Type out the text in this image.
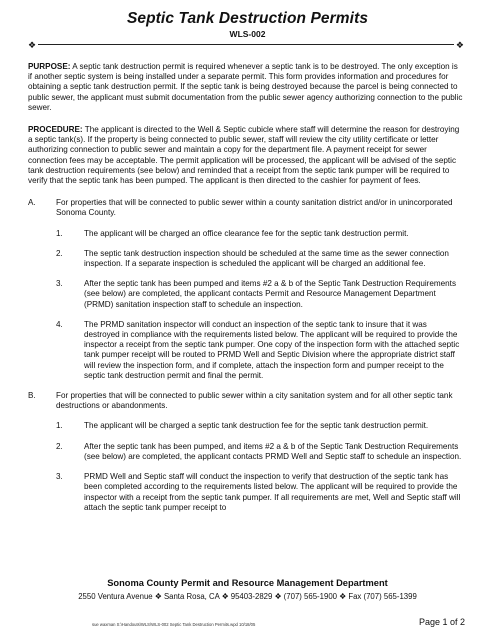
Septic Tank Destruction Permits
WLS-002
❖	❖

PURPOSE: A septic tank destruction permit is required whenever a septic tank is to be destroyed. The only exception is if another septic system is being installed under a separate permit. This form provides information and procedures for obtaining a septic tank destruction permit. If the septic tank is being destroyed because the parcel is being connected to public sewer, the applicant must submit documentation from the public sewer agency authorizing connection to the public sewer.

PROCEDURE: The applicant is directed to the Well & Septic cubicle where staff will determine the reason for destroying a septic tank(s). If the property is being connected to public sewer, staff will review the city utility certificate or letter authorizing connection to public sewer and maintain a copy for the department file. A payment receipt for sewer connection fees may be acceptable. The permit application will be processed, the applicant will be advised of the septic tank destruction requirements (see below) and reminded that a receipt from the septic tank pumper will be required to verify that the septic tank has been pumped. The applicant is then directed to the cashier for payment of fees.

A. For properties that will be connected to public sewer within a county sanitation district and/or in unincorporated Sonoma County.
1.	The applicant will be charged an office clearance fee for the septic tank destruction permit.
2.	The septic tank destruction inspection should be scheduled at the same time as the sewer connection inspection. If a separate inspection is scheduled the applicant will be charged an additional fee.
3.	After the septic tank has been pumped and items #2 a & b of the Septic Tank Destruction Requirements (see below) are completed, the applicant contacts Permit and Resource Management Department (PRMD) sanitation inspection staff to schedule an inspection.
4.	The PRMD sanitation inspector will conduct an inspection of the septic tank to insure that it was destroyed in compliance with the requirements listed below. The applicant will be required to provide the inspector a receipt from the septic tank pumper. One copy of the inspection form with the attached septic tank pumper receipt will be routed to PRMD Well and Septic Division where the appropriate district staff will review the inspection form, and if complete, attach the inspection form and pumper receipt to the septic tank destruction permit and final the permit.
B. For properties that will be connected to public sewer within a city sanitation system and for all other septic tank destructions or abandonments.
1.	The applicant will be charged a septic tank destruction fee for the septic tank destruction permit.
2.	After the septic tank has been pumped, and items #2 a & b of the Septic Tank Destruction Requirements (see below) are completed, the applicant contacts PRMD Well and Septic staff to schedule an inspection.
3.	PRMD Well and Septic staff will conduct the inspection to verify that destruction of the septic tank has been completed according to the requirements listed below. The applicant will be required to provide the inspector with a receipt from the septic tank pumper. If all requirements are met, Well and Septic staff will attach the septic tank pumper receipt to
Sonoma County Permit and Resource Management Department
2550 Ventura Avenue ❖ Santa Rosa, CA ❖ 95403-2829 ❖ (707) 565-1900 ❖ Fax (707) 565-1399
sue waxman S:\Handouts\WLS\WLS-002 Septic Tank Destruction Permits.wpd 10/18/05	Page 1 of 2
